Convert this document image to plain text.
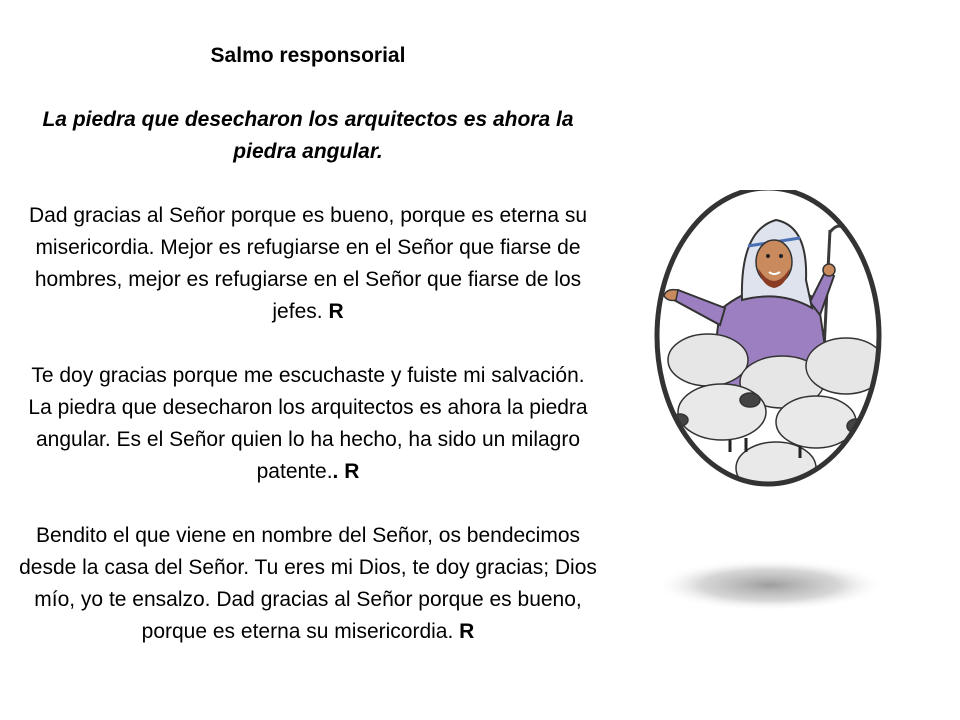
Salmo responsorial

La piedra que desecharon los arquitectos es ahora la piedra angular.

Dad gracias al Señor porque es bueno, porque es eterna su misericordia. Mejor es refugiarse en el Señor que fiarse de hombres, mejor es refugiarse en el Señor que fiarse de los jefes. R

Te doy gracias porque me escuchaste y fuiste mi salvación. La piedra que desecharon los arquitectos es ahora la piedra angular. Es el Señor quien lo ha hecho, ha sido un milagro patente.. R

Bendito el que viene en nombre del Señor, os bendecimos desde la casa del Señor. Tu eres mi Dios, te doy gracias; Dios mío, yo te ensalzo. Dad gracias al Señor porque es bueno, porque es eterna su misericordia. R
